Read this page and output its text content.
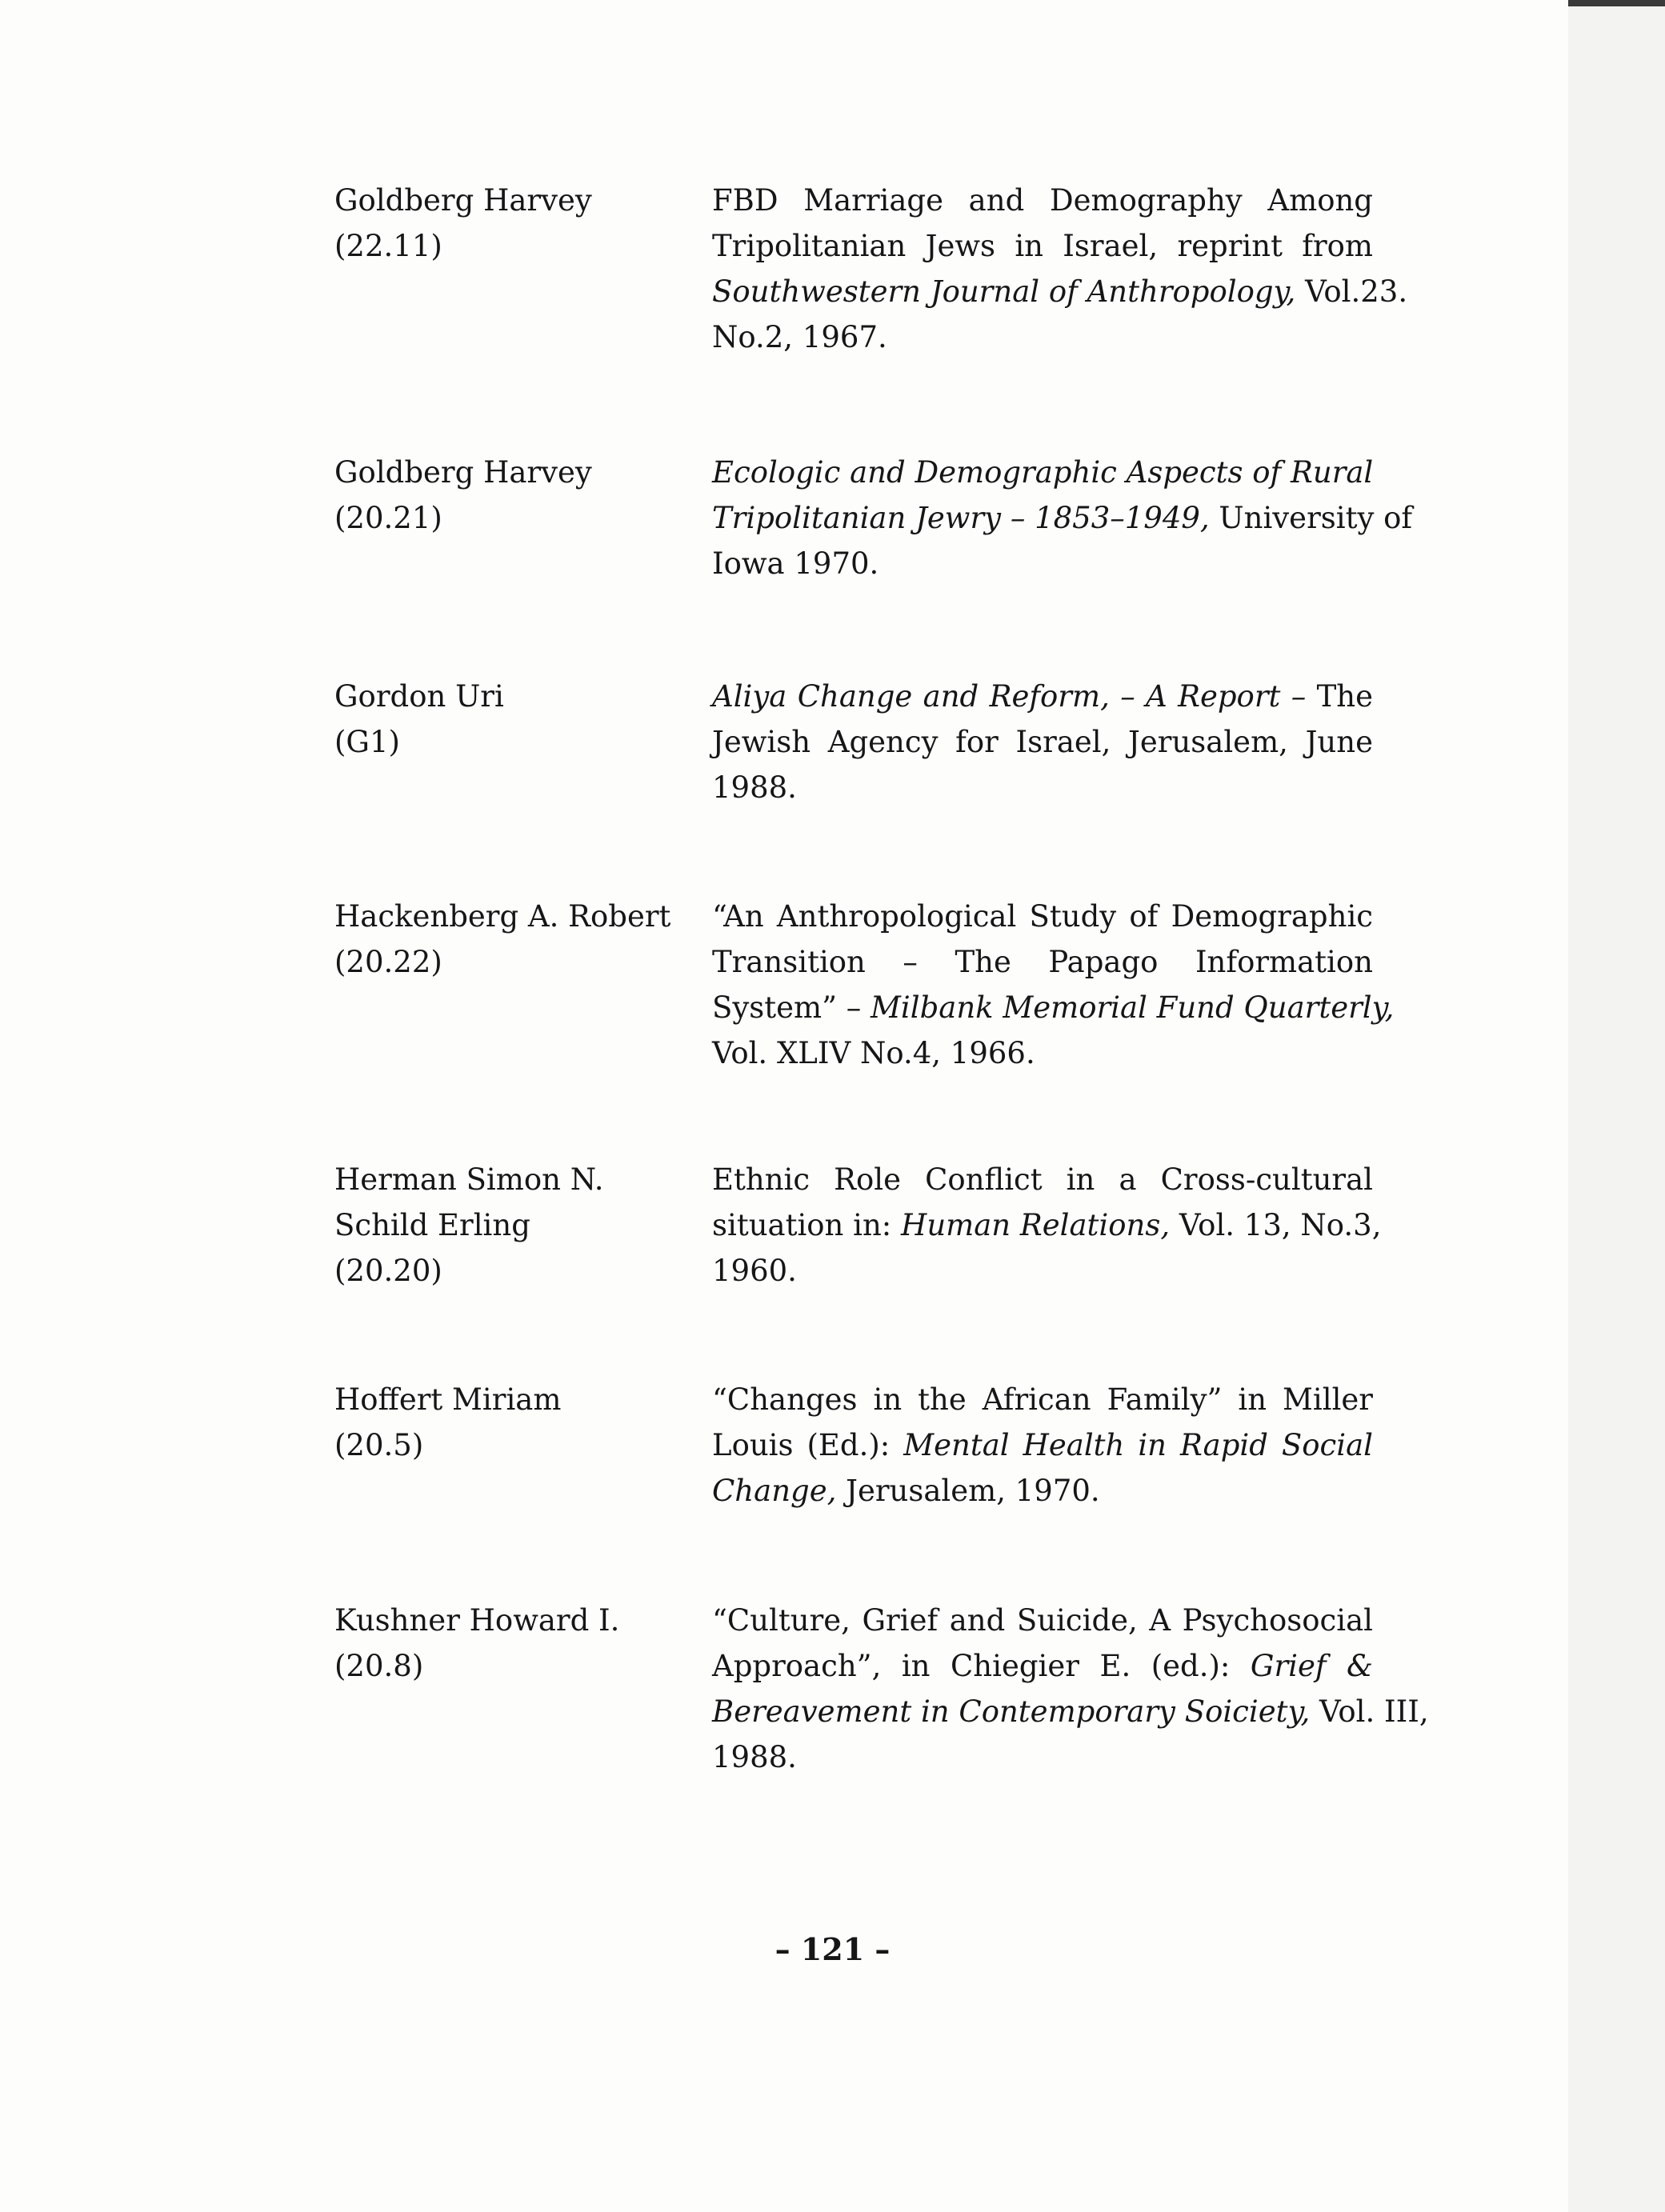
Goldberg Harvey
(22.11)
FBD Marriage and Demography Among
Tripolitanian Jews in Israel, reprint from
Southwestern Journal of Anthropology, Vol.23.
No.2, 1967.
Goldberg Harvey
(20.21)
Ecologic and Demographic Aspects of Rural
Tripolitanian Jewry – 1853–1949, University of
Iowa 1970.
Gordon Uri
(G1)
Aliya Change and Reform, – A Report – The
Jewish Agency for Israel, Jerusalem, June
1988.
Hackenberg A. Robert
(20.22)
“An Anthropological Study of Demographic
Transition – The Papago Information
System” – Milbank Memorial Fund Quarterly,
Vol. XLIV No.4, 1966.
Herman Simon N.
Schild Erling
(20.20)
Ethnic Role Conflict in a Cross-cultural
situation in: Human Relations, Vol. 13, No.3,
1960.
Hoffert Miriam
(20.5)
“Changes in the African Family” in Miller
Louis (Ed.): Mental Health in Rapid Social
Change, Jerusalem, 1970.
Kushner Howard I.
(20.8)
“Culture, Grief and Suicide, A Psychosocial
Approach”, in Chiegier E. (ed.): Grief &
Bereavement in Contemporary Soiciety, Vol. III,
1988.
– 121 –
